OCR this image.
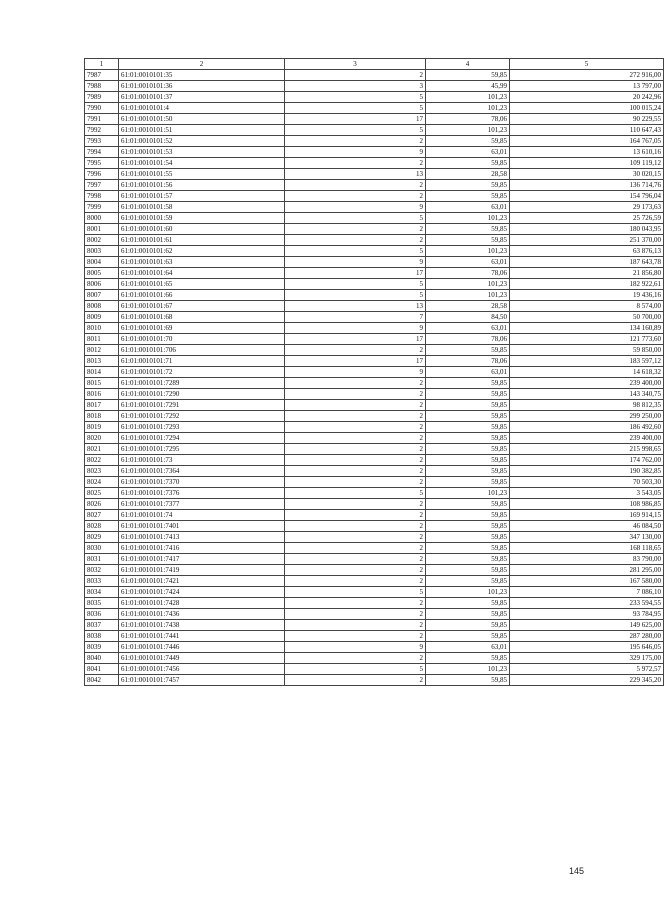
1	2	3	4	5
7987	61:01:0010101:35	2	59,85	272 916,00
7988	61:01:0010101:36	3	45,99	13 797,00
7989	61:01:0010101:37	5	101,23	20 242,96
7990	61:01:0010101:4	5	101,23	100 015,24
7991	61:01:0010101:50	17	78,06	90 229,55
7992	61:01:0010101:51	5	101,23	110 647,43
7993	61:01:0010101:52	2	59,85	164 767,05
7994	61:01:0010101:53	9	63,01	13 610,16
7995	61:01:0010101:54	2	59,85	109 119,12
7996	61:01:0010101:55	13	28,58	30 020,15
7997	61:01:0010101:56	2	59,85	136 714,76
7998	61:01:0010101:57	2	59,85	154 796,04
7999	61:01:0010101:58	9	63,01	29 173,63
8000	61:01:0010101:59	5	101,23	25 726,59
8001	61:01:0010101:60	2	59,85	180 043,95
8002	61:01:0010101:61	2	59,85	251 370,00
8003	61:01:0010101:62	5	101,23	63 876,13
8004	61:01:0010101:63	9	63,01	187 643,78
8005	61:01:0010101:64	17	78,06	21 856,80
8006	61:01:0010101:65	5	101,23	182 922,61
8007	61:01:0010101:66	5	101,23	19 436,16
8008	61:01:0010101:67	13	28,58	8 574,00
8009	61:01:0010101:68	7	84,50	50 700,00
8010	61:01:0010101:69	9	63,01	134 160,89
8011	61:01:0010101:70	17	78,06	121 773,60
8012	61:01:0010101:706	2	59,85	59 850,00
8013	61:01:0010101:71	17	78,06	183 597,12
8014	61:01:0010101:72	9	63,01	14 618,32
8015	61:01:0010101:7289	2	59,85	239 400,00
8016	61:01:0010101:7290	2	59,85	143 340,75
8017	61:01:0010101:7291	2	59,85	98 812,35
8018	61:01:0010101:7292	2	59,85	299 250,00
8019	61:01:0010101:7293	2	59,85	186 492,60
8020	61:01:0010101:7294	2	59,85	239 400,00
8021	61:01:0010101:7295	2	59,85	215 998,65
8022	61:01:0010101:73	2	59,85	174 762,00
8023	61:01:0010101:7364	2	59,85	190 382,85
8024	61:01:0010101:7370	2	59,85	70 503,30
8025	61:01:0010101:7376	5	101,23	3 543,05
8026	61:01:0010101:7377	2	59,85	108 986,85
8027	61:01:0010101:74	2	59,85	169 914,15
8028	61:01:0010101:7401	2	59,85	46 084,50
8029	61:01:0010101:7413	2	59,85	347 130,00
8030	61:01:0010101:7416	2	59,85	168 118,65
8031	61:01:0010101:7417	2	59,85	83 790,00
8032	61:01:0010101:7419	2	59,85	281 295,00
8033	61:01:0010101:7421	2	59,85	167 580,00
8034	61:01:0010101:7424	5	101,23	7 086,10
8035	61:01:0010101:7428	2	59,85	233 594,55
8036	61:01:0010101:7436	2	59,85	93 784,95
8037	61:01:0010101:7438	2	59,85	149 625,00
8038	61:01:0010101:7441	2	59,85	287 280,00
8039	61:01:0010101:7446	9	63,01	195 646,05
8040	61:01:0010101:7449	2	59,85	329 175,00
8041	61:01:0010101:7456	5	101,23	5 972,57
8042	61:01:0010101:7457	2	59,85	229 345,20
145
